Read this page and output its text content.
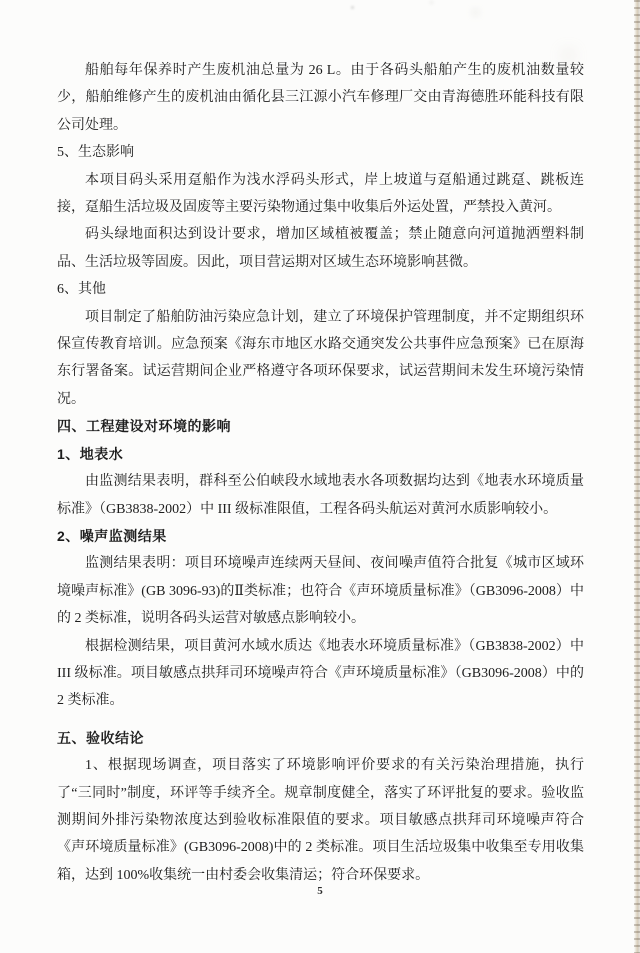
船舶每年保养时产生废机油总量为 26 L。由于各码头船舶产生的废机油数量较少，船舶维修产生的废机油由循化县三江源小汽车修理厂交由青海德胜环能科技有限公司处理。

5、生态影响

本项目码头采用趸船作为浅水浮码头形式，岸上坡道与趸船通过跳趸、跳板连接，趸船生活垃圾及固废等主要污染物通过集中收集后外运处置，严禁投入黄河。

码头绿地面积达到设计要求，增加区域植被覆盖；禁止随意向河道抛洒塑料制品、生活垃圾等固废。因此，项目营运期对区域生态环境影响甚微。

6、其他

项目制定了船舶防油污染应急计划，建立了环境保护管理制度，并不定期组织环保宣传教育培训。应急预案《海东市地区水路交通突发公共事件应急预案》已在原海东行署备案。试运营期间企业严格遵守各项环保要求，试运营期间未发生环境污染情况。

四、工程建设对环境的影响

1、地表水

由监测结果表明，群科至公伯峡段水域地表水各项数据均达到《地表水环境质量标准》（GB3838-2002）中 III 级标准限值，工程各码头航运对黄河水质影响较小。

2、噪声监测结果

监测结果表明：项目环境噪声连续两天昼间、夜间噪声值符合批复《城市区域环境噪声标准》(GB 3096-93)的Ⅱ类标准；也符合《声环境质量标准》（GB3096-2008）中的 2 类标准，说明各码头运营对敏感点影响较小。

根据检测结果，项目黄河水域水质达《地表水环境质量标准》（GB3838-2002）中 III 级标准。项目敏感点拱拜司环境噪声符合《声环境质量标准》（GB3096-2008）中的 2 类标准。

五、验收结论

1、根据现场调查，项目落实了环境影响评价要求的有关污染治理措施，执行了“三同时”制度，环评等手续齐全。规章制度健全，落实了环评批复的要求。验收监测期间外排污染物浓度达到验收标准限值的要求。项目敏感点拱拜司环境噪声符合《声环境质量标准》(GB3096-2008)中的 2 类标准。项目生活垃圾集中收集至专用收集箱，达到 100%收集统一由村委会收集清运；符合环保要求。

5
